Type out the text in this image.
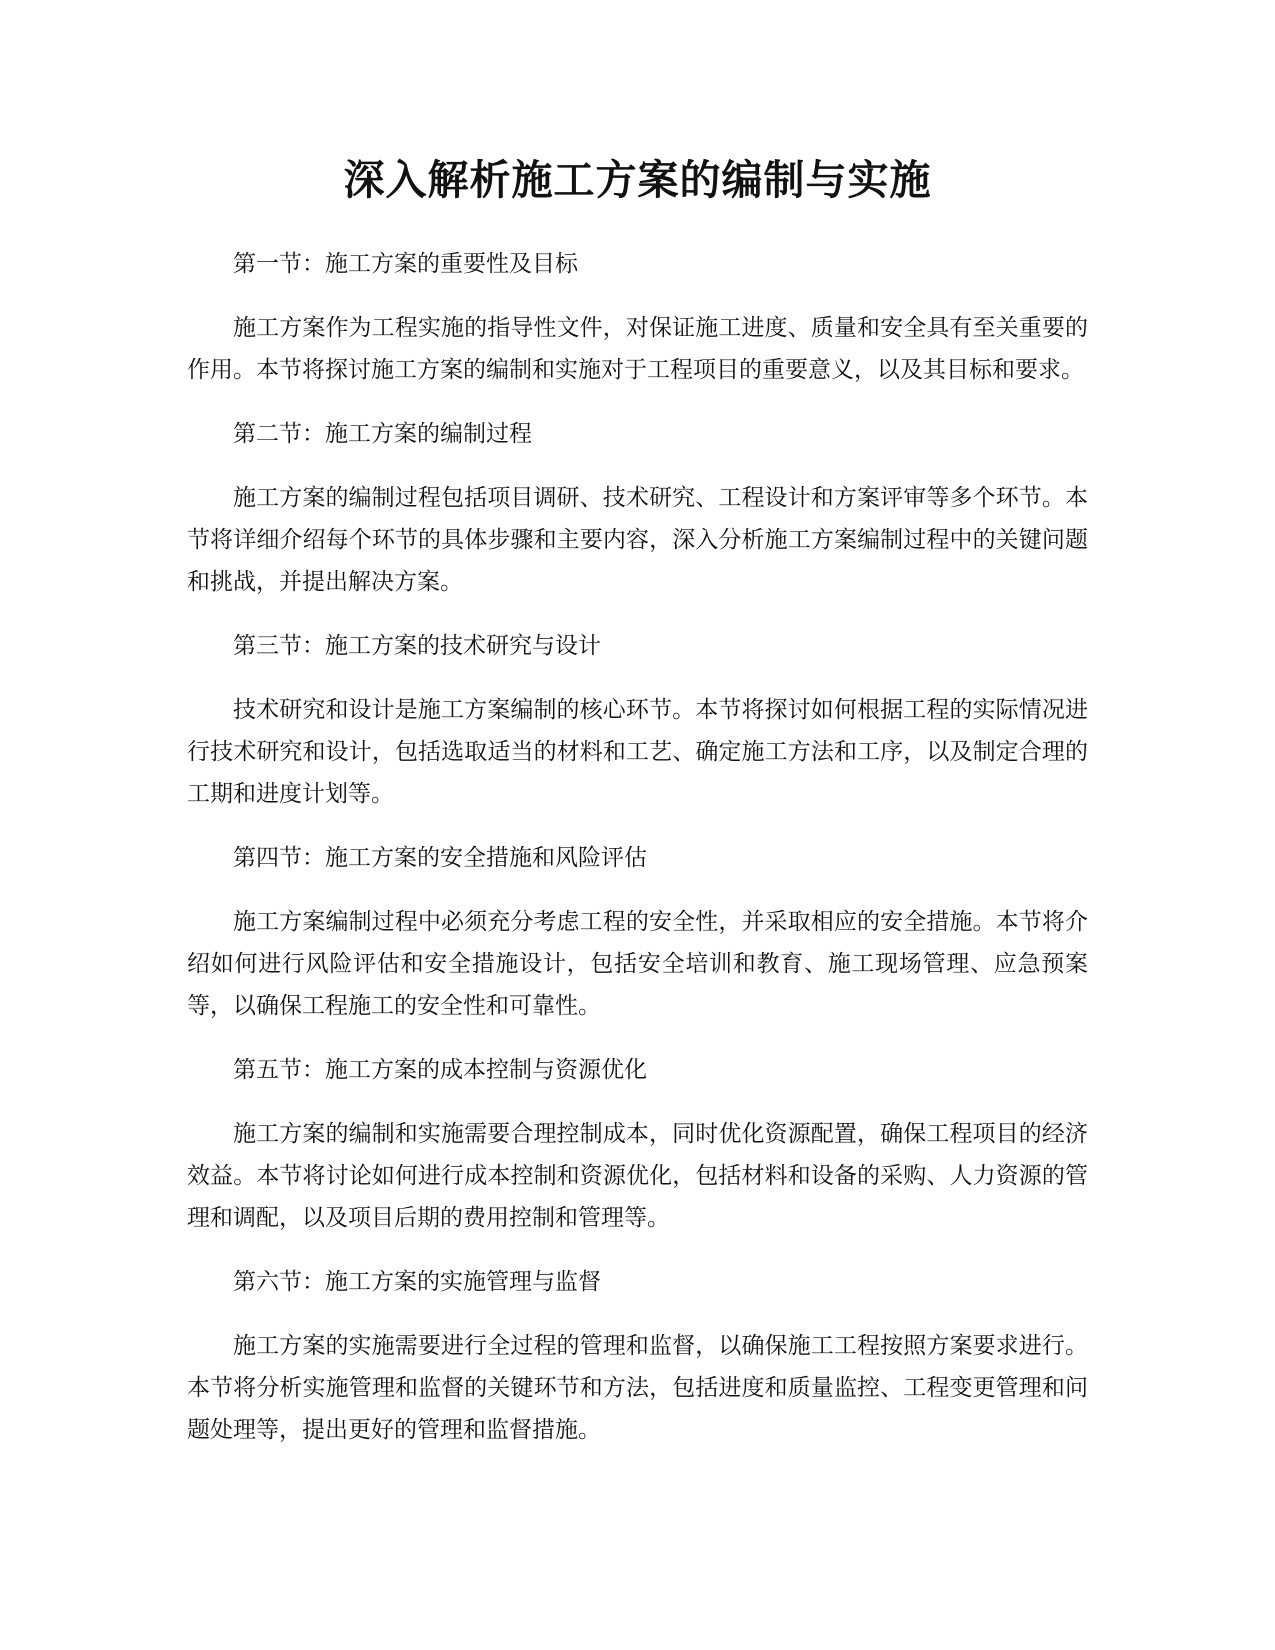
深入解析施工方案的编制与实施

第一节：施工方案的重要性及目标

施工方案作为工程实施的指导性文件，对保证施工进度、质量和安全具有至关重要的作用。本节将探讨施工方案的编制和实施对于工程项目的重要意义，以及其目标和要求。

第二节：施工方案的编制过程

施工方案的编制过程包括项目调研、技术研究、工程设计和方案评审等多个环节。本节将详细介绍每个环节的具体步骤和主要内容，深入分析施工方案编制过程中的关键问题和挑战，并提出解决方案。

第三节：施工方案的技术研究与设计

技术研究和设计是施工方案编制的核心环节。本节将探讨如何根据工程的实际情况进行技术研究和设计，包括选取适当的材料和工艺、确定施工方法和工序，以及制定合理的工期和进度计划等。

第四节：施工方案的安全措施和风险评估

施工方案编制过程中必须充分考虑工程的安全性，并采取相应的安全措施。本节将介绍如何进行风险评估和安全措施设计，包括安全培训和教育、施工现场管理、应急预案等，以确保工程施工的安全性和可靠性。

第五节：施工方案的成本控制与资源优化

施工方案的编制和实施需要合理控制成本，同时优化资源配置，确保工程项目的经济效益。本节将讨论如何进行成本控制和资源优化，包括材料和设备的采购、人力资源的管理和调配，以及项目后期的费用控制和管理等。

第六节：施工方案的实施管理与监督

施工方案的实施需要进行全过程的管理和监督，以确保施工工程按照方案要求进行。本节将分析实施管理和监督的关键环节和方法，包括进度和质量监控、工程变更管理和问题处理等，提出更好的管理和监督措施。
